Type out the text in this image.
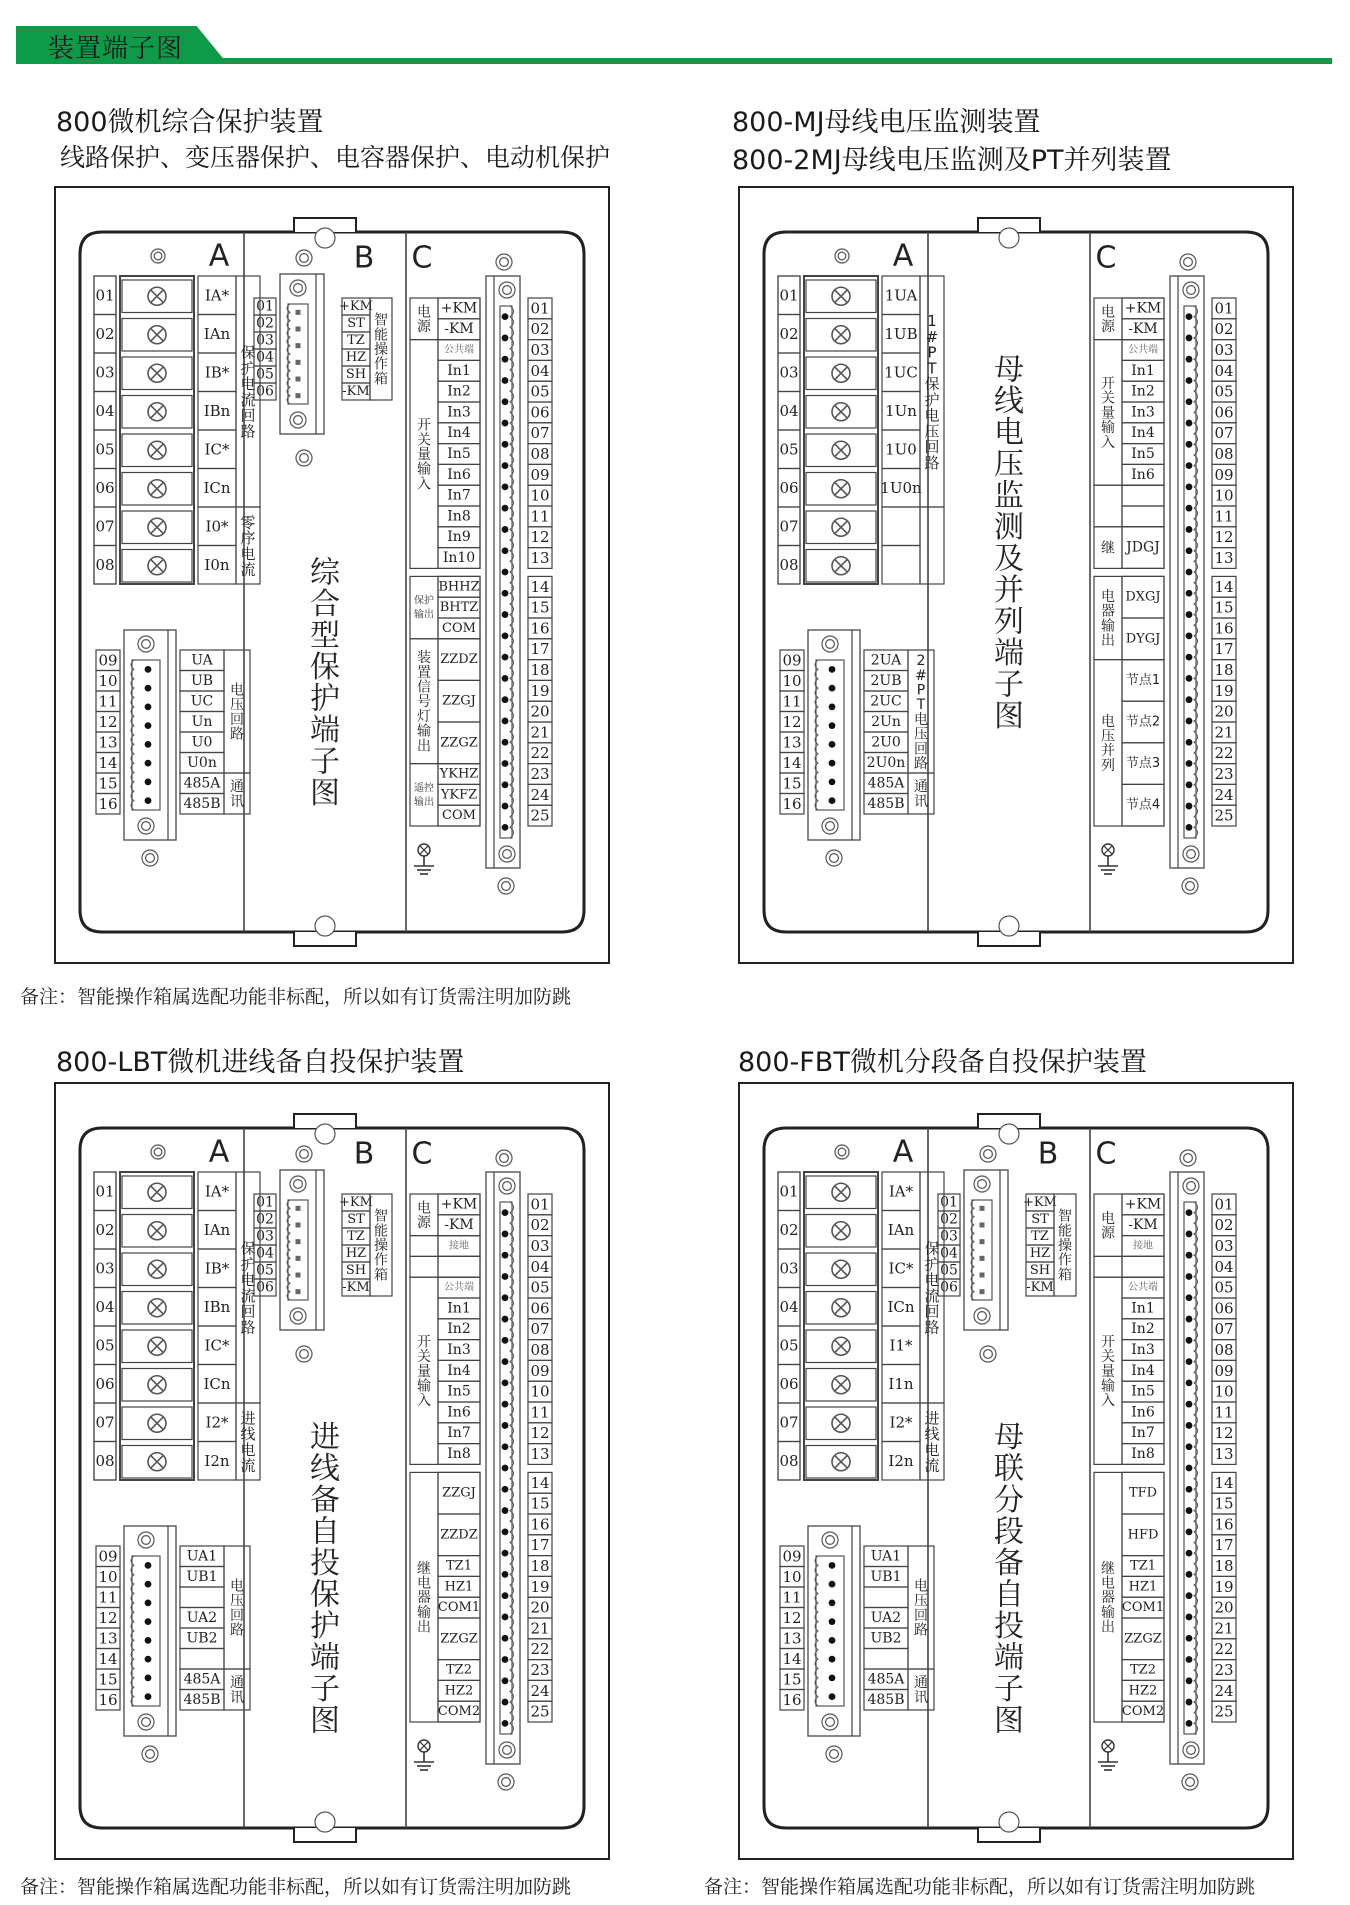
装置端子图
800微机综合保护装置
线路保护、变压器保护、电容器保护、电动机保护
A
01	IA*
02	IAn
03	IB*
04	IBn
05	IC*
06	ICn
07	I0*
08	I0n
保护电流回路
零序电流
09	UA
10	UB
11	UC
12	Un
13	U0
14	U0n
15	485A
16	485B
电压回路
通讯
B
01
02
03
04
05
06
+KM
ST
TZ
HZ
SH
-KM
智能操作箱
综合型保护端子图
C
01
02
03
04
05
06
07
08
09
10
11
12
13
14
15
16
17
18
19
20
21
22
23
24
25
电源
+KM
-KM
开关量输入
公共端
In1
In2
In3
In4
In5
In6
In7
In8
In9
In10
保护输出
BHHZ
BHTZ
COM
装置信号灯输出
ZZDZ
ZZGJ
ZZGZ
遥控输出
YKHZ
YKFZ
COM
备注：智能操作箱属选配功能非标配，所以如有订货需注明加防跳
800-MJ母线电压监测装置
800-2MJ母线电压监测及PT并列装置
A
01	1UA
02	1UB
03	1UC
04	1Un
05	1U0
06	1U0n
07
08
1 # P T 保护电压回路
09	2UA
10	2UB
11	2UC
12	2Un
13	2U0
14	2U0n
15	485A
16	485B
2 # P T 电压回路
通讯
母线电压监测及并列端子图
C
01
02
03
04
05
06
07
08
09
10
11
12
13
14
15
16
17
18
19
20
21
22
23
24
25
电源
+KM
-KM
开关量输入
公共端
In1
In2
In3
In4
In5
In6
继 JDGJ
电器输出
DXGJ
DYGJ
电压并列
节点1
节点2
节点3
节点4
800-LBT微机进线备自投保护装置
A
01	IA*
02	IAn
03	IB*
04	IBn
05	IC*
06	ICn
07	I2*
08	I2n
保护电流回路
进线电流
09	UA1
10	UB1
11
12	UA2
13	UB2
14
15	485A
16	485B
电压回路
通讯
B
01
02
03
04
05
06
+KM
ST
TZ
HZ
SH
-KM
智能操作箱
进线备自投保护端子图
C
01
02
03
04
05
06
07
08
09
10
11
12
13
14
15
16
17
18
19
20
21
22
23
24
25
电源
+KM
-KM
接地
开关量输入
公共端
In1
In2
In3
In4
In5
In6
In7
In8
继电器输出
ZZGJ
ZZDZ
TZ1
HZ1
COM1
ZZGZ
TZ2
HZ2
COM2
备注：智能操作箱属选配功能非标配，所以如有订货需注明加防跳
800-FBT微机分段备自投保护装置
A
01	IA*
02	IAn
03	IC*
04	ICn
05	I1*
06	I1n
07	I2*
08	I2n
保护电流回路
进线电流
09	UA1
10	UB1
11
12	UA2
13	UB2
14
15	485A
16	485B
电压回路
通讯
B
01
02
03
04
05
06
+KM
ST
TZ
HZ
SH
-KM
智能操作箱
母联分段备自投端子图
C
01
02
03
04
05
06
07
08
09
10
11
12
13
14
15
16
17
18
19
20
21
22
23
24
25
电源
+KM
-KM
接地
开关量输入
公共端
In1
In2
In3
In4
In5
In6
In7
In8
继电器输出
TFD
HFD
TZ1
HZ1
COM1
ZZGZ
TZ2
HZ2
COM2
备注：智能操作箱属选配功能非标配，所以如有订货需注明加防跳
